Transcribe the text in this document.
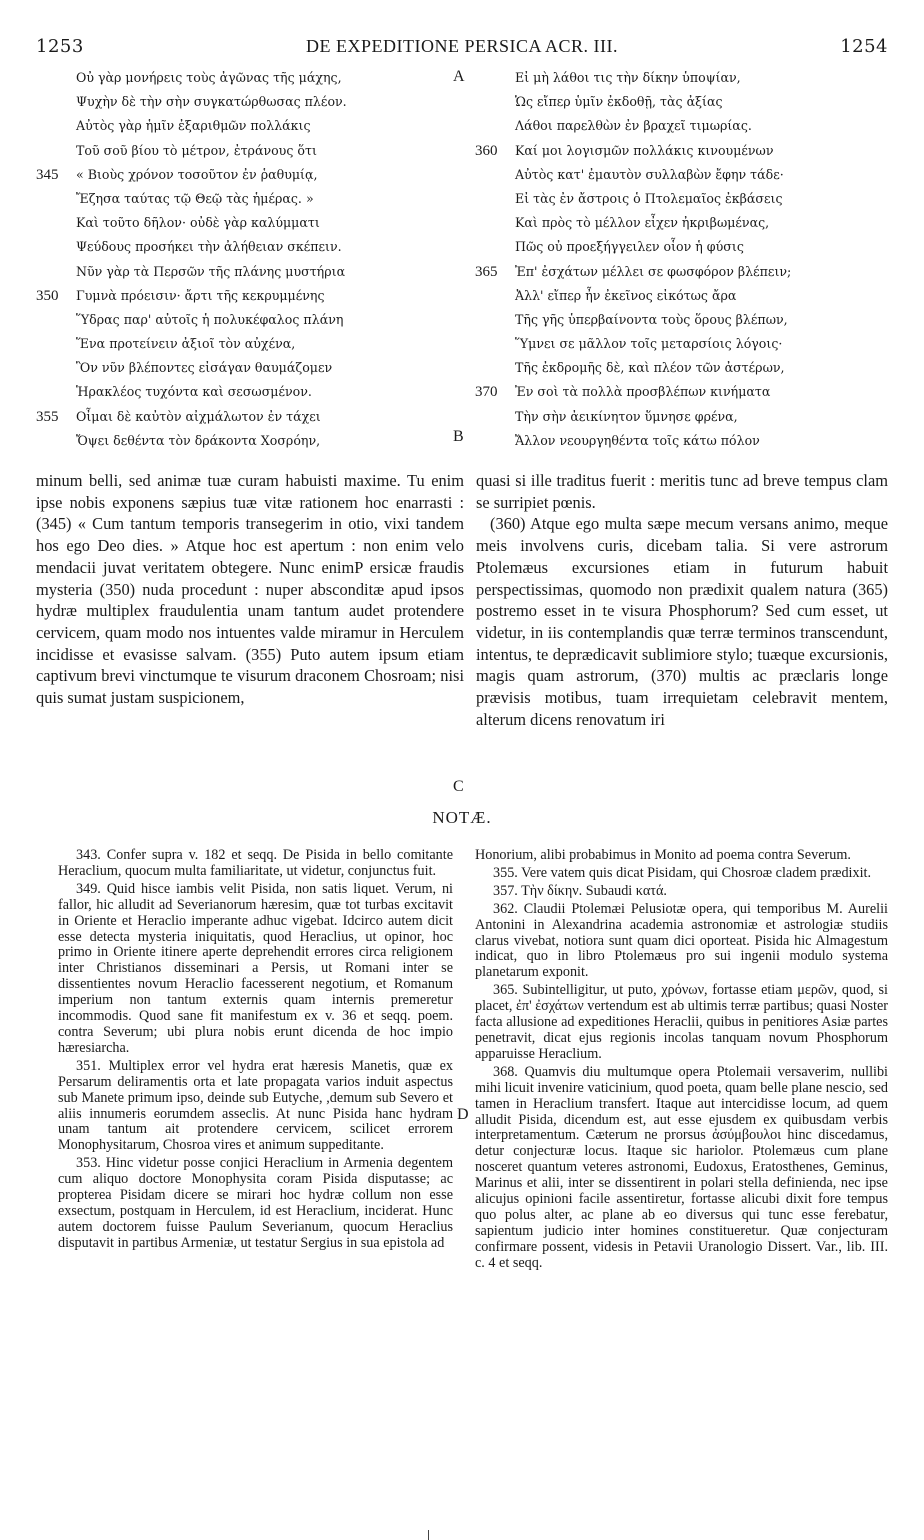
1253	DE EXPEDITIONE PERSICA ACR. III.	1254
Οὐ γὰρ μονήρεις τοὺς ἀγῶνας τῆς μάχης,
Ψυχὴν δὲ τὴν σὴν συγκατώρθωσας πλέον.
Αὐτὸς γὰρ ἡμῖν ἐξαριθμῶν πολλάκις
Τοῦ σοῦ βίου τὸ μέτρον, ἐτράνους ὅτι
345	« Βιοὺς χρόνον τοσοῦτον ἐν ῥαθυμίᾳ,
Ἔζησα ταύτας τῷ Θεῷ τὰς ἡμέρας. »
Καὶ τοῦτο δῆλον· οὐδὲ γὰρ καλύμματι
Ψεύδους προσήκει τὴν ἀλήθειαν σκέπειν.
Νῦν γὰρ τὰ Περσῶν τῆς πλάνης μυστήρια
350	Γυμνὰ πρόεισιν· ἄρτι τῆς κεκρυμμένης
Ὕδρας παρ' αὐτοῖς ἡ πολυκέφαλος πλάνη
Ἕνα προτείνειν ἀξιοῖ τὸν αὐχένα,
Ὃν νῦν βλέποντες εἰσάγαν θαυμάζομεν
Ἡρακλέος τυχόντα καὶ σεσωσμένον.
355	Οἶμαι δὲ καὐτὸν αἰχμάλωτον ἐν τάχει
Ὄψει δεθέντα τὸν δράκοντα Χοσρόην,
Εἰ μὴ λάθοι τις τὴν δίκην ὑποψίαν,
Ὡς εἴπερ ὑμῖν ἐκδοθῇ, τὰς ἀξίας
Λάθοι παρελθὼν ἐν βραχεῖ τιμωρίας.
360	Καί μοι λογισμῶν πολλάκις κινουμένων
Αὐτὸς κατ' ἐμαυτὸν συλλαβὼν ἔφην τάδε·
Εἰ τὰς ἐν ἄστροις ὁ Πτολεμαῖος ἐκβάσεις
Καὶ πρὸς τὸ μέλλον εἶχεν ἠκριβωμένας,
Πῶς οὐ προεξήγγειλεν οἷον ἡ φύσις
365	Ἐπ' ἐσχάτων μέλλει σε φωσφόρον βλέπειν;
Ἀλλ' εἴπερ ἦν ἐκεῖνος εἰκότως ἄρα
Τῆς γῆς ὑπερβαίνοντα τοὺς ὅρους βλέπων,
Ὕμνει σε μᾶλλον τοῖς μεταρσίοις λόγοις·
Τῆς ἐκδρομῆς δὲ, καὶ πλέον τῶν ἀστέρων,
370	Ἐν σοὶ τὰ πολλὰ προσβλέπων κινήματα
Τὴν σὴν ἀεικίνητον ὕμνησε φρένα,
Ἄλλον νεουργηθέντα τοῖς κάτω πόλον
A
B
C
D

minum belli, sed animæ tuæ curam habuisti maxime. Tu enim ipse nobis exponens sæpius tuæ vitæ rationem hoc enarrasti : (345) « Cum tantum temporis transegerim in otio, vixi tandem hos ego Deo dies. » Atque hoc est apertum : non enim velo mendacii juvat veritatem obtegere. Nunc enimP ersicæ fraudis mysteria (350) nuda procedunt : nuper absconditæ apud ipsos hydræ multiplex fraudulentia unam tantum audet protendere cervicem, quam modo nos intuentes valde miramur in Herculem incidisse et evasisse salvam. (355) Puto autem ipsum etiam captivum brevi vinctumque te visurum draconem Chosroam; nisi quis sumat justam suspicionem,

quasi si ille traditus fuerit : meritis tunc ad breve tempus clam se surripiet pœnis.

(360) Atque ego multa sæpe mecum versans animo, meque meis involvens curis, dicebam talia. Si vere astrorum Ptolemæus excursiones etiam in futurum habuit perspectissimas, quomodo non prædixit qualem natura (365) postremo esset in te visura Phosphorum? Sed cum esset, ut videtur, in iis contemplandis quæ terræ terminos transcendunt, intentus, te deprædicavit sublimiore stylo; tuæque excursionis, magis quam astrorum, (370) multis ac præclaris longe prævisis motibus, tuam irrequietam celebravit mentem, alterum dicens renovatum iri

NOTÆ.

343. Confer supra v. 182 et seqq. De Pisida in bello comitante Heraclium, quocum multa familiaritate, ut videtur, conjunctus fuit.

349. Quid hisce iambis velit Pisida, non satis liquet. Verum, ni fallor, hic alludit ad Severianorum hæresim, quæ tot turbas excitavit in Oriente et Heraclio imperante adhuc vigebat. Idcirco autem dicit esse detecta mysteria iniquitatis, quod Heraclius, ut opinor, hoc primo in Oriente itinere aperte deprehendit errores circa religionem inter Christianos disseminari a Persis, ut Romani inter se dissentientes novum Heraclio facesserent negotium, et Romanum imperium non tantum externis quam internis premeretur incommodis. Quod sane fit manifestum ex v. 36 et seqq. poem. contra Severum; ubi plura nobis erunt dicenda de hoc impio hæresiarcha.

351. Multiplex error vel hydra erat hæresis Manetis, quæ ex Persarum deliramentis orta et late propagata varios induit aspectus sub Manete primum ipso, deinde sub Eutyche, ,demum sub Severo et aliis innumeris eorumdem asseclis. At nunc Pisida hanc hydram unam tantum ait protendere cervicem, scilicet errorem Monophysitarum, Chosroa vires et animum suppeditante.

353. Hinc videtur posse conjici Heraclium in Armenia degentem cum aliquo doctore Monophysita coram Pisida disputasse; ac propterea Pisidam dicere se mirari hoc hydræ collum non esse exsectum, postquam in Herculem, id est Heraclium, inciderat. Hunc autem doctorem fuisse Paulum Severianum, quocum Heraclius disputavit in partibus Armeniæ, ut testatur Sergius in sua epistola ad

Honorium, alibi probabimus in Monito ad poema contra Severum.

355. Vere vatem quis dicat Pisidam, qui Chosroæ cladem prædixit.

357. Τὴν δίκην. Subaudi κατά.

362. Claudii Ptolemæi Pelusiotæ opera, qui temporibus M. Aurelii Antonini in Alexandrina academia astronomiæ et astrologiæ studiis clarus vivebat, notiora sunt quam dici oporteat. Pisida hic Almagestum indicat, quo in libro Ptolemæus pro sui ingenii modulo systema planetarum exponit.

365. Subintelligitur, ut puto, χρόνων, fortasse etiam μερῶν, quod, si placet, ἐπ' ἐσχάτων vertendum est ab ultimis terræ partibus; quasi Noster facta allusione ad expeditiones Heraclii, quibus in penitiores Asiæ partes penetravit, dicat ejus regionis incolas tanquam novum Phosphorum apparuisse Heraclium.

368. Quamvis diu multumque opera Ptolemaii versaverim, nullibi mihi licuit invenire vaticinium, quod poeta, quam belle plane nescio, sed tamen in Heraclium transfert. Itaque aut intercidisse locum, ad quem alludit Pisida, dicendum est, aut esse ejusdem ex quibusdam verbis interpretamentum. Cæterum ne prorsus ἀσύμβουλοι hinc discedamus, detur conjecturæ locus. Itaque sic hariolor. Ptolemæus cum plane nosceret quantum veteres astronomi, Eudoxus, Eratosthenes, Geminus, Marinus et alii, inter se dissentirent in polari stella definienda, nec ipse alicujus opinioni facile assentiretur, fortasse alicubi dixit fore tempus quo polus alter, ac plane ab eo diversus qui tunc esse ferebatur, sapientum judicio inter homines constitueretur. Quæ conjecturam confirmare possent, videsis in Petavii Uranologio Dissert. Var., lib. III. c. 4 et seqq.
